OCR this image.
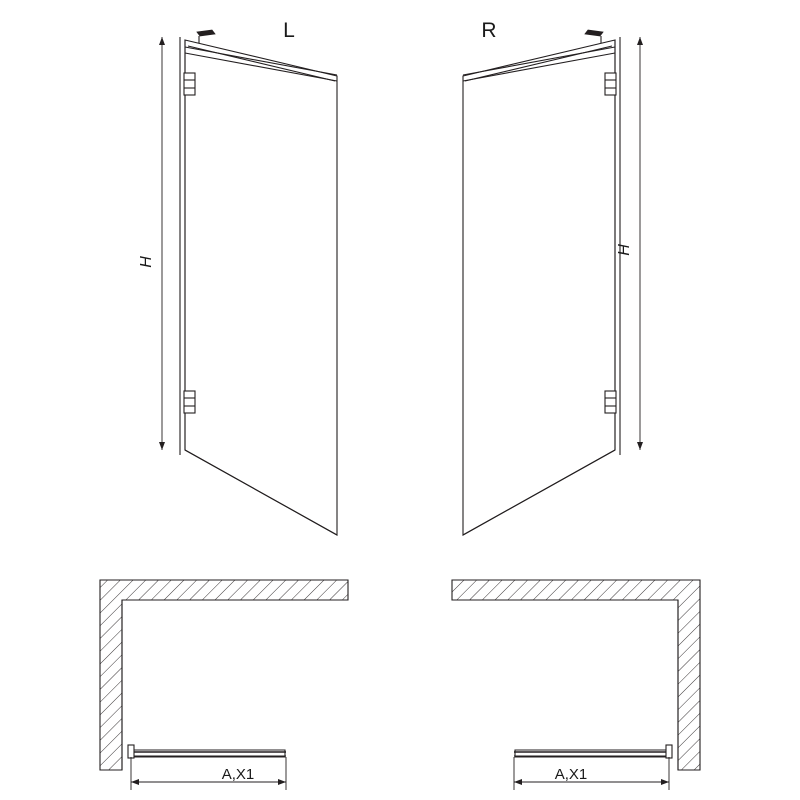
H
L
H
R
A,X1	A,X1
